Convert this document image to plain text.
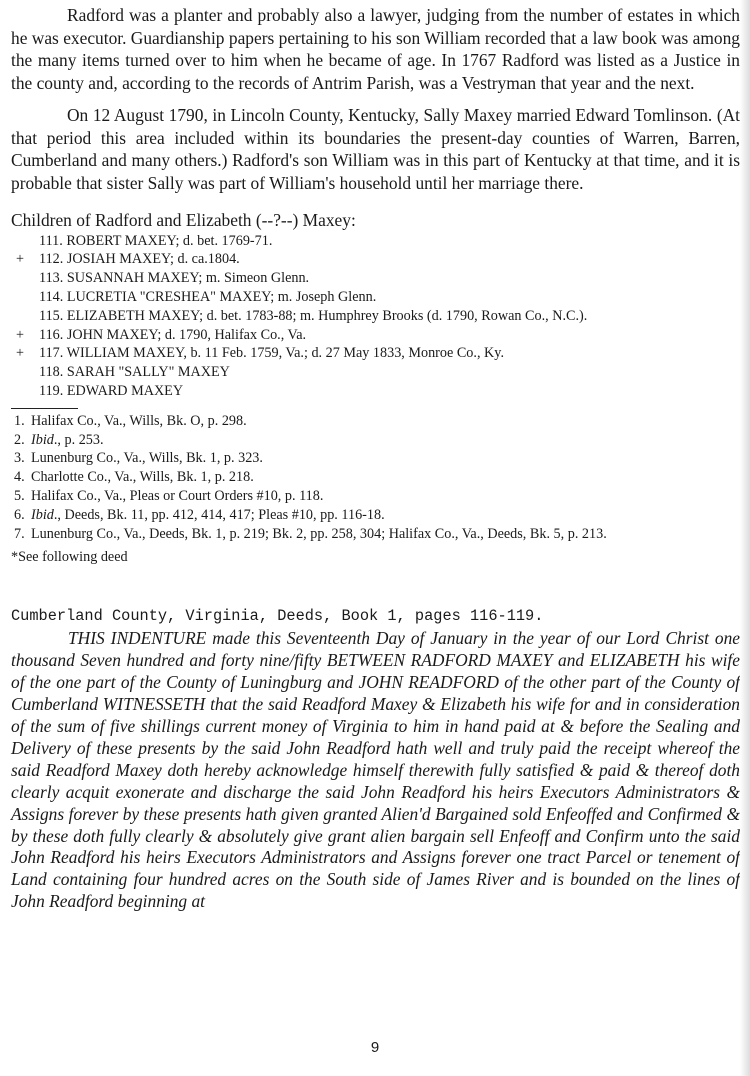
Radford was a planter and probably also a lawyer, judging from the number of estates in which he was executor. Guardianship papers pertaining to his son William recorded that a law book was among the many items turned over to him when he became of age. In 1767 Radford was listed as a Justice in the county and, according to the records of Antrim Parish, was a Vestryman that year and the next.

On 12 August 1790, in Lincoln County, Kentucky, Sally Maxey married Edward Tomlinson. (At that period this area included within its boundaries the present-day counties of Warren, Barren, Cumberland and many others.) Radford's son William was in this part of Kentucky at that time, and it is probable that sister Sally was part of William's household until her marriage there.

Children of Radford and Elizabeth (--?--) Maxey:
111. ROBERT MAXEY; d. bet. 1769-71.
+ 112. JOSIAH MAXEY; d. ca.1804.
113. SUSANNAH MAXEY; m. Simeon Glenn.
114. LUCRETIA "CRESHEA" MAXEY; m. Joseph Glenn.
115. ELIZABETH MAXEY; d. bet. 1783-88; m. Humphrey Brooks (d. 1790, Rowan Co., N.C.).
+ 116. JOHN MAXEY; d. 1790, Halifax Co., Va.
+ 117. WILLIAM MAXEY, b. 11 Feb. 1759, Va.; d. 27 May 1833, Monroe Co., Ky.
118. SARAH "SALLY" MAXEY
119. EDWARD MAXEY
1. Halifax Co., Va., Wills, Bk. O, p. 298.
2. Ibid., p. 253.
3. Lunenburg Co., Va., Wills, Bk. 1, p. 323.
4. Charlotte Co., Va., Wills, Bk. 1, p. 218.
5. Halifax Co., Va., Pleas or Court Orders #10, p. 118.
6. Ibid., Deeds, Bk. 11, pp. 412, 414, 417; Pleas #10, pp. 116-18.
7. Lunenburg Co., Va., Deeds, Bk. 1, p. 219; Bk. 2, pp. 258, 304; Halifax Co., Va., Deeds, Bk. 5, p. 213.
*See following deed
Cumberland County, Virginia, Deeds, Book 1, pages 116-119.

THIS INDENTURE made this Seventeenth Day of January in the year of our Lord Christ one thousand Seven hundred and forty nine/fifty BETWEEN RADFORD MAXEY and ELIZABETH his wife of the one part of the County of Luningburg and JOHN READFORD of the other part of the County of Cumberland WITNESSETH that the said Readford Maxey & Elizabeth his wife for and in consideration of the sum of five shillings current money of Virginia to him in hand paid at & before the Sealing and Delivery of these presents by the said John Readford hath well and truly paid the receipt whereof the said Readford Maxey doth hereby acknowledge himself therewith fully satisfied & paid & thereof doth clearly acquit exonerate and discharge the said John Readford his heirs Executors Administrators & Assigns forever by these presents hath given granted Alien'd Bargained sold Enfeoffed and Confirmed & by these doth fully clearly & absolutely give grant alien bargain sell Enfeoff and Confirm unto the said John Readford his heirs Executors Administrators and Assigns forever one tract Parcel or tenement of Land containing four hundred acres on the South side of James River and is bounded on the lines of John Readford beginning at

9
